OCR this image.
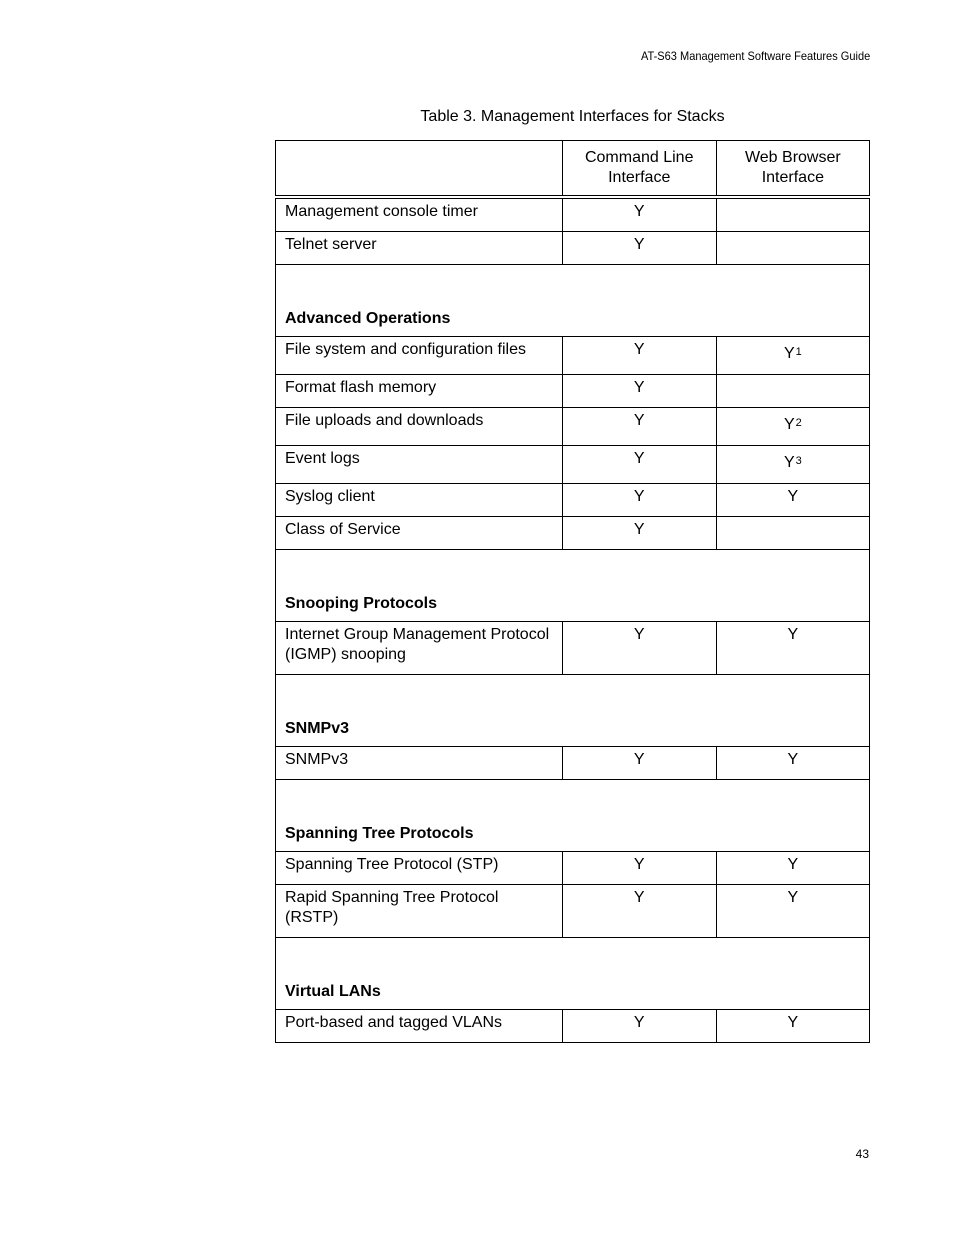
AT-S63 Management Software Features Guide
Table 3. Management Interfaces for Stacks
	Command Line Interface	Web Browser Interface
Management console timer	Y	
Telnet server	Y	
Advanced Operations		
File system and configuration files	Y	$Y^1$
Format flash memory	Y	
File uploads and downloads	Y	$Y^2$
Event logs	Y	$Y^3$
Syslog client	Y	Y
Class of Service	Y	
Snooping Protocols		
Internet Group Management Protocol (IGMP) snooping	Y	Y
SNMPv3		
SNMPv3	Y	Y
Spanning Tree Protocols		
Spanning Tree Protocol (STP)	Y	Y
Rapid Spanning Tree Protocol (RSTP)	Y	Y
Virtual LANs		
Port-based and tagged VLANs	Y	Y
43
